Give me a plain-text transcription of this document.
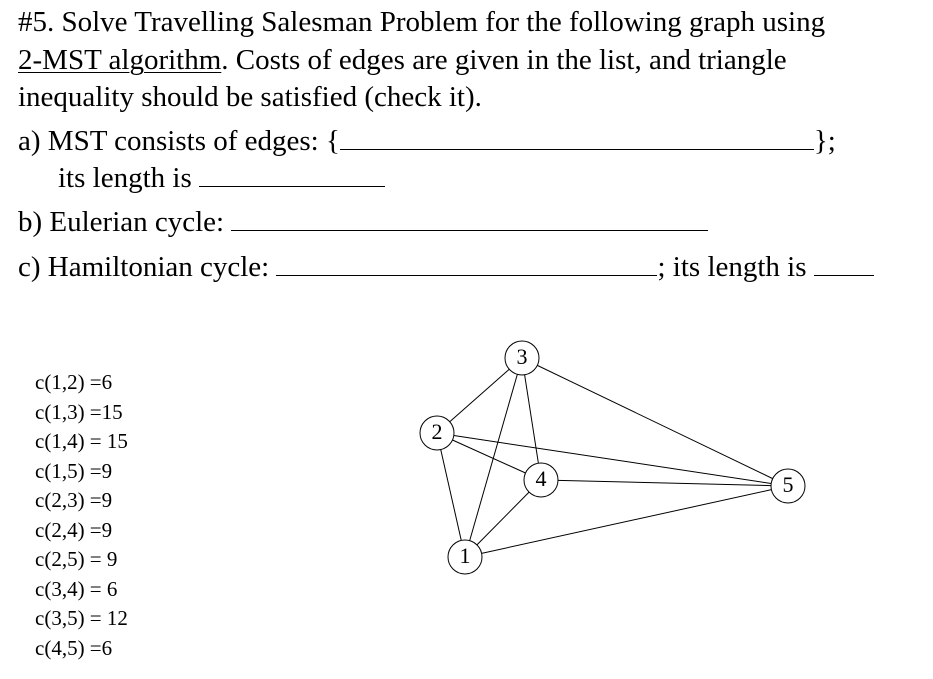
#5. Solve Travelling Salesman Problem for the following graph using

2-MST algorithm. Costs of edges are given in the list, and triangle

inequality should be satisfied (check it).

a) MST consists of edges: {	};

its length is

b) Eulerian cycle:

c) Hamiltonian cycle:	; its length is

c(1,2) =6
c(1,3) =15
c(1,4) = 15
c(1,5) =9
c(2,3) =9
c(2,4) =9
c(2,5) = 9
c(3,4) = 6
c(3,5) = 12
c(4,5) =6
1
2
3
4	5
